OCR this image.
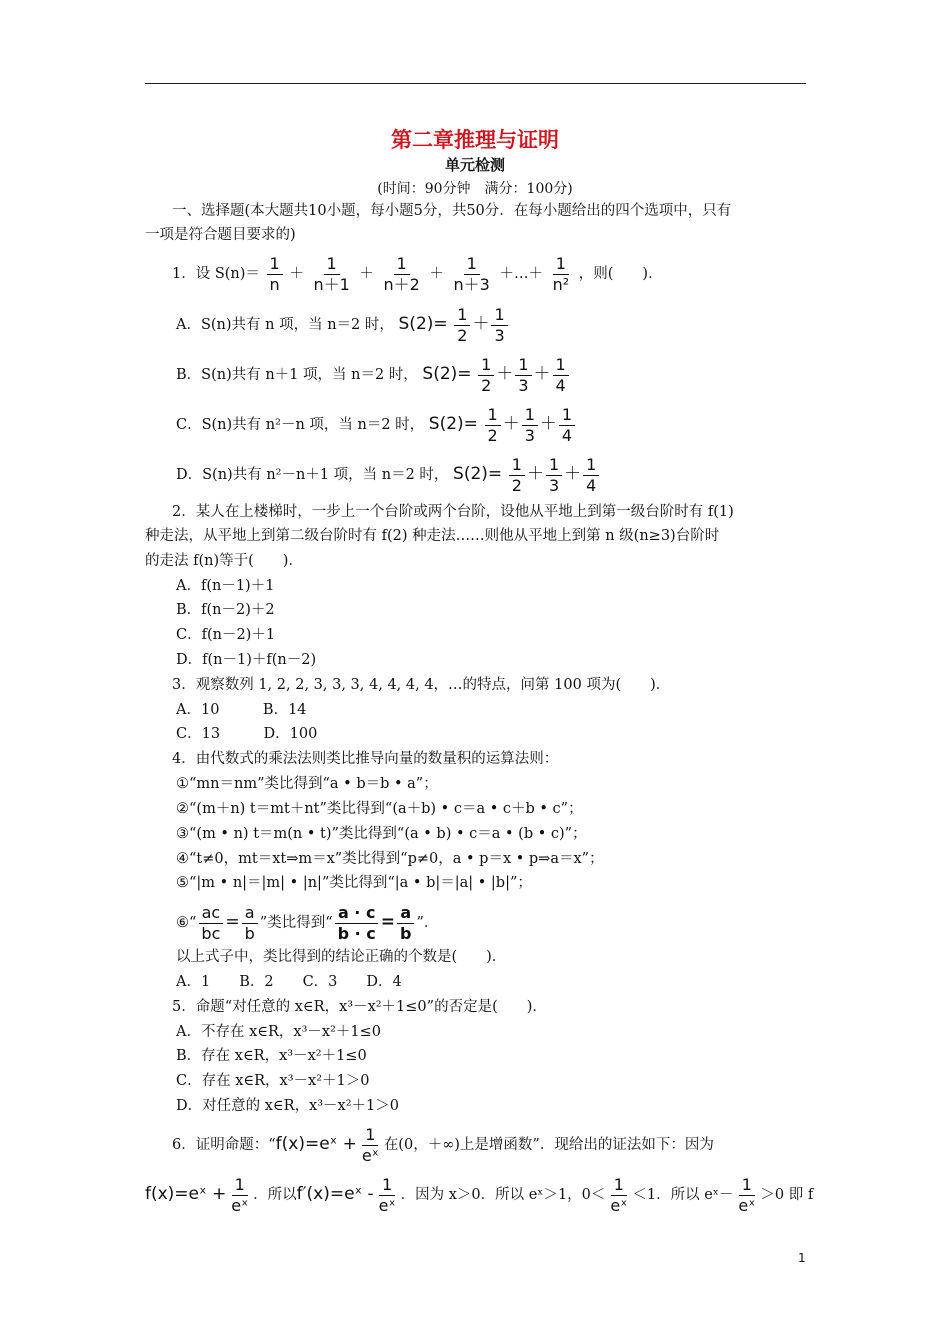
第二章推理与证明
单元检测
(时间：90分钟　满分：100分)
一、选择题(本大题共10小题，每小题5分，共50分．在每小题给出的四个选项中，只有
一项是符合题目要求的)
1．设 $S(n)= \frac{1}{n} + \frac{1}{n+1} + \frac{1}{n+2} + \frac{1}{n+3}$ ＋…＋ $\frac{1}{\text{n²}}$ ，则(　　)．
A．S(n)共有 n 项，当 n＝2 时， $S(2)= \frac{1}{2} + \frac{1}{3}$
B．S(n)共有 n＋1 项，当 n＝2 时， $S(2)= \frac{1}{2} + \frac{1}{3} + \frac{1}{4}$
C．S(n)共有 n²－n 项，当 n＝2 时， $S(2)= \frac{1}{2} + \frac{1}{3} + \frac{1}{4}$
D．S(n)共有 n²－n＋1 项，当 n＝2 时， $S(2)= \frac{1}{2} + \frac{1}{3} + \frac{1}{4}$
2．某人在上楼梯时，一步上一个台阶或两个台阶，设他从平地上到第一级台阶时有 f(1)
种走法，从平地上到第二级台阶时有 f(2) 种走法……则他从平地上到第 n 级(n≥3)台阶时
的走法 f(n)等于(　　)．
A．f(n－1)＋1
B．f(n－2)＋2
C．f(n－2)＋1
D．f(n－1)＋f(n－2)
3．观察数列 1, 2, 2, 3, 3, 3, 4, 4, 4, 4，…的特点，问第 100 项为(　　)．
A．10　　　B．14
C．13　　　D．100
4．由代数式的乘法法则类比推导向量的数量积的运算法则：
①“mn＝nm”类比得到“a • b＝b • a”；
②“(m＋n) t＝mt＋nt”类比得到“(a＋b) • c＝a • c＋b • c”；
③“(m • n) t＝m(n • t)”类比得到“(a • b) • c＝a • (b • c)”；
④“t≠0，mt＝xt⇒m＝x”类比得到“p≠0，a • p＝x • p⇒a＝x”；
⑤“|m • n|＝|m| • |n|”类比得到“|a • b|＝|a| • |b|”；
⑥“ $\frac{ac}{bc} = \frac{a}{b}$ ”类比得到“ $\frac{a \cdot c}{b \cdot c} = \frac{a}{b}$ ”．
以上式子中，类比得到的结论正确的个数是(　　)．
A．1　　B．2　　C．3　　D．4
5．命题“对任意的 x∈R，x³－x²＋1≤0”的否定是(　　)．
A．不存在 x∈R，x³－x²＋1≤0
B．存在 x∈R，x³－x²＋1≤0
C．存在 x∈R，x³－x²＋1＞0
D．对任意的 x∈R，x³－x²＋1＞0
6．证明命题：“f(x)=eˣ + $\frac{1}{\text{eˣ}}$ 在(0，＋∞)上是增函数”．现给出的证法如下：因为
f(x)=eˣ + $\frac{1}{\text{eˣ}}$ ．所以f′(x)=eˣ - $\frac{1}{\text{eˣ}}$ ．因为 x＞0．所以 eˣ＞1，$0< \frac{1}{\text{eˣ}} <1$．所以 eˣ－ $\frac{1}{\text{eˣ}} >0$ 即 f
1
